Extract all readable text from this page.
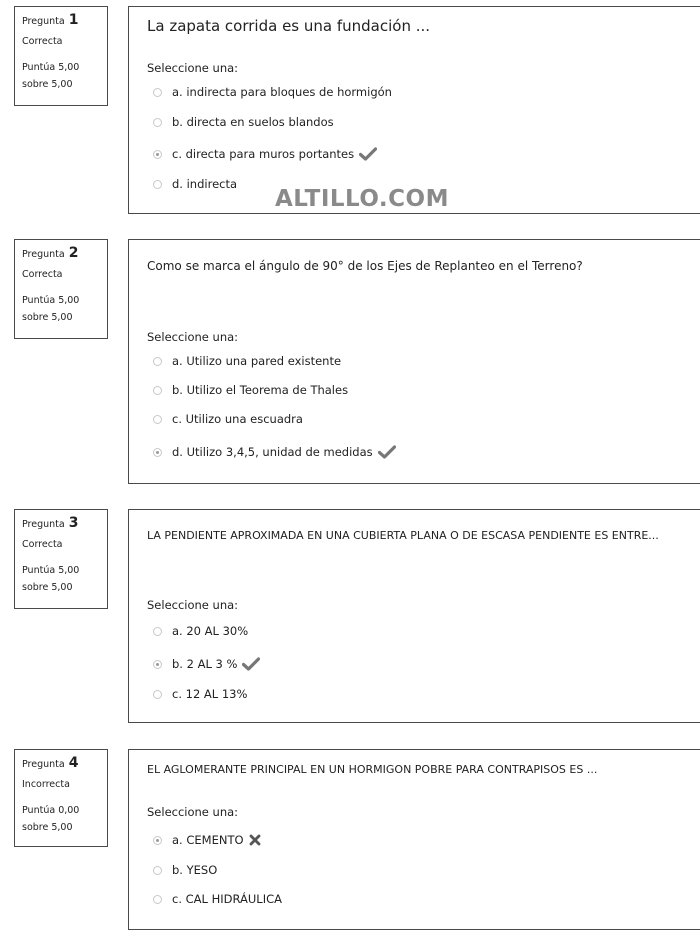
Pregunta 1
Correcta
Puntúa 5,00
sobre 5,00
La zapata corrida es una fundación ...
Seleccione una:
a. indirecta para bloques de hormigón
b. directa en suelos blandos
c. directa para muros portantes
d. indirecta
ALTILLO.COM
Pregunta 2
Correcta
Puntúa 5,00
sobre 5,00
Como se marca el ángulo de 90° de los Ejes de Replanteo en el Terreno?
Seleccione una:
a. Utilizo una pared existente
b. Utilizo el Teorema de Thales
c. Utilizo una escuadra
d. Utilizo 3,4,5, unidad de medidas
Pregunta 3
Correcta
Puntúa 5,00
sobre 5,00
LA PENDIENTE APROXIMADA EN UNA CUBIERTA PLANA O DE ESCASA PENDIENTE ES ENTRE...
Seleccione una:
a. 20 AL 30%
b. 2 AL 3 %
c. 12 AL 13%
Pregunta 4
Incorrecta
Puntúa 0,00
sobre 5,00
EL AGLOMERANTE PRINCIPAL EN UN HORMIGON POBRE PARA CONTRAPISOS ES ...
Seleccione una:
a. CEMENTO
b. YESO
c. CAL HIDRÁULICA
